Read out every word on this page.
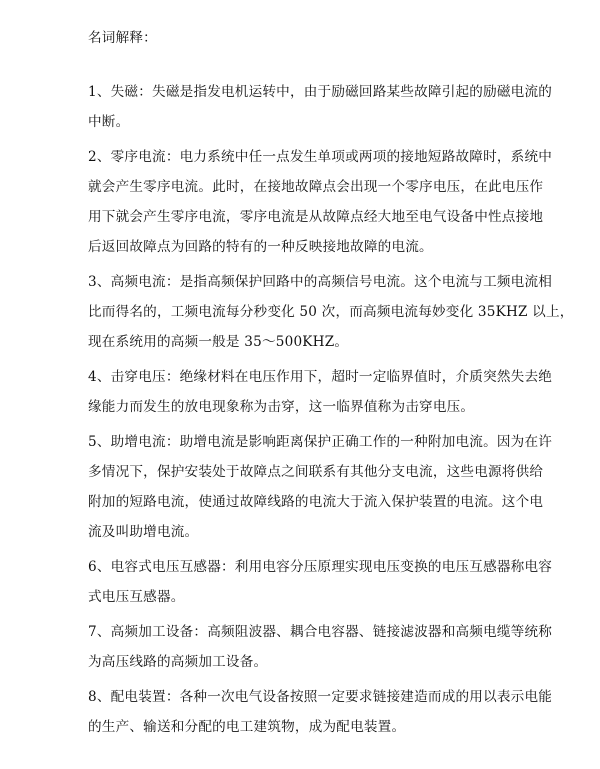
名词解释：
1、失磁：失磁是指发电机运转中，由于励磁回路某些故障引起的励磁电流的
中断。
2、零序电流：电力系统中任一点发生单项或两项的接地短路故障时，系统中
就会产生零序电流。此时，在接地故障点会出现一个零序电压，在此电压作
用下就会产生零序电流，零序电流是从故障点经大地至电气设备中性点接地
后返回故障点为回路的特有的一种反映接地故障的电流。
3、高频电流：是指高频保护回路中的高频信号电流。这个电流与工频电流相
比而得名的，工频电流每分秒变化 50 次，而高频电流每妙变化 35KHZ 以上，
现在系统用的高频一般是 35～500KHZ。
4、击穿电压：绝缘材料在电压作用下，超时一定临界值时，介质突然失去绝
缘能力而发生的放电现象称为击穿，这一临界值称为击穿电压。
5、助增电流：助增电流是影响距离保护正确工作的一种附加电流。因为在许
多情况下，保护安装处于故障点之间联系有其他分支电流，这些电源将供给
附加的短路电流，使通过故障线路的电流大于流入保护装置的电流。这个电
流及叫助增电流。
6、电容式电压互感器：利用电容分压原理实现电压变换的电压互感器称电容
式电压互感器。
7、高频加工设备：高频阻波器、耦合电容器、链接滤波器和高频电缆等统称
为高压线路的高频加工设备。
8、配电装置：各种一次电气设备按照一定要求链接建造而成的用以表示电能
的生产、输送和分配的电工建筑物，成为配电装置。
